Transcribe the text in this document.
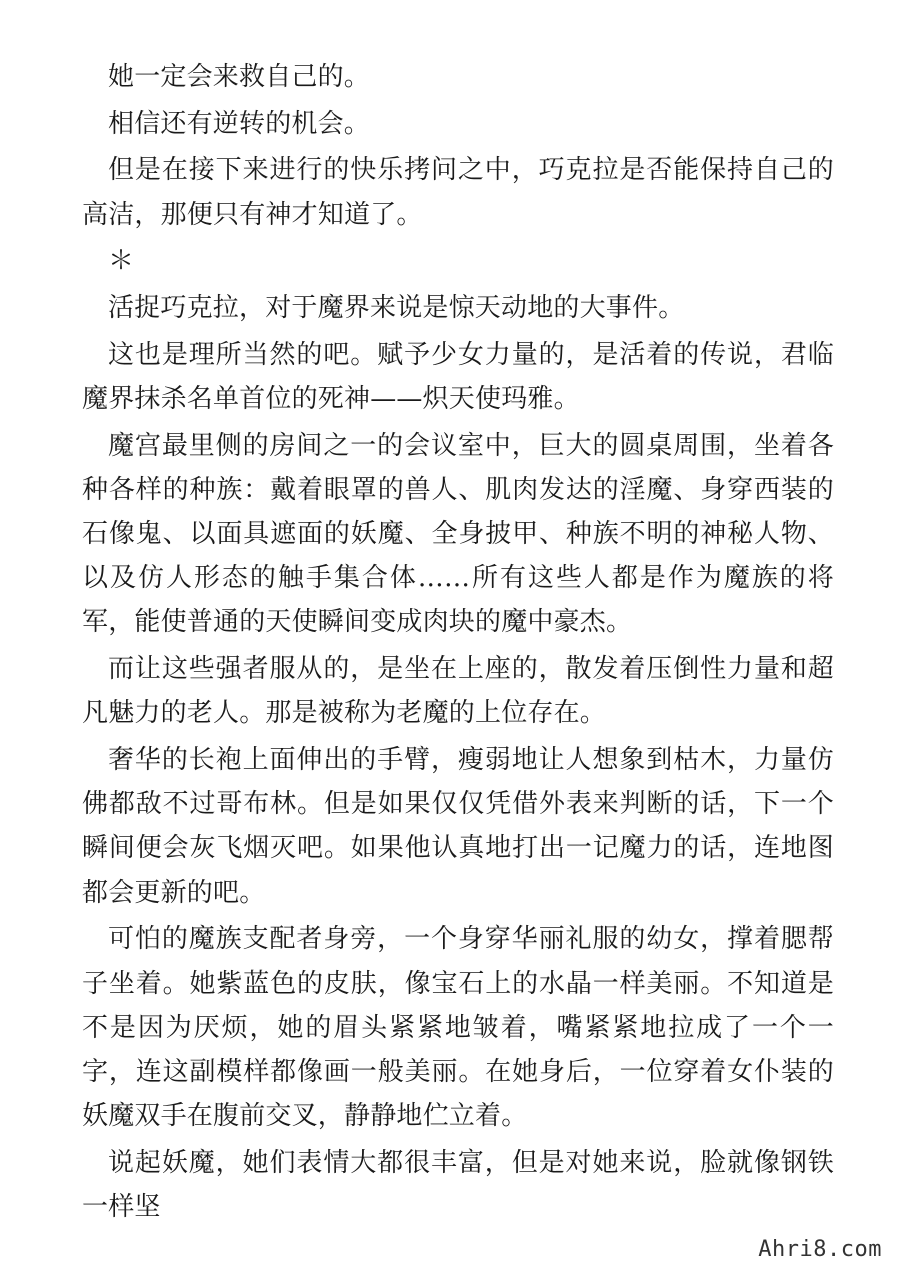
她一定会来救自己的。

相信还有逆转的机会。

但是在接下来进行的快乐拷问之中，巧克拉是否能保持自己的高洁，那便只有神才知道了。

＊

活捉巧克拉，对于魔界来说是惊天动地的大事件。

这也是理所当然的吧。赋予少女力量的，是活着的传说，君临魔界抹杀名单首位的死神——炽天使玛雅。

魔宫最里侧的房间之一的会议室中，巨大的圆桌周围，坐着各种各样的种族：戴着眼罩的兽人、肌肉发达的淫魔、身穿西装的石像鬼、以面具遮面的妖魔、全身披甲、种族不明的神秘人物、以及仿人形态的触手集合体……所有这些人都是作为魔族的将军，能使普通的天使瞬间变成肉块的魔中豪杰。

而让这些强者服从的，是坐在上座的，散发着压倒性力量和超凡魅力的老人。那是被称为老魔的上位存在。

奢华的长袍上面伸出的手臂，瘦弱地让人想象到枯木，力量仿佛都敌不过哥布林。但是如果仅仅凭借外表来判断的话，下一个瞬间便会灰飞烟灭吧。如果他认真地打出一记魔力的话，连地图都会更新的吧。

可怕的魔族支配者身旁，一个身穿华丽礼服的幼女，撑着腮帮子坐着。她紫蓝色的皮肤，像宝石上的水晶一样美丽。不知道是不是因为厌烦，她的眉头紧紧地皱着，嘴紧紧地拉成了一个一字，连这副模样都像画一般美丽。在她身后，一位穿着女仆装的妖魔双手在腹前交叉，静静地伫立着。

说起妖魔，她们表情大都很丰富，但是对她来说，脸就像钢铁一样坚

Ahri8.com
